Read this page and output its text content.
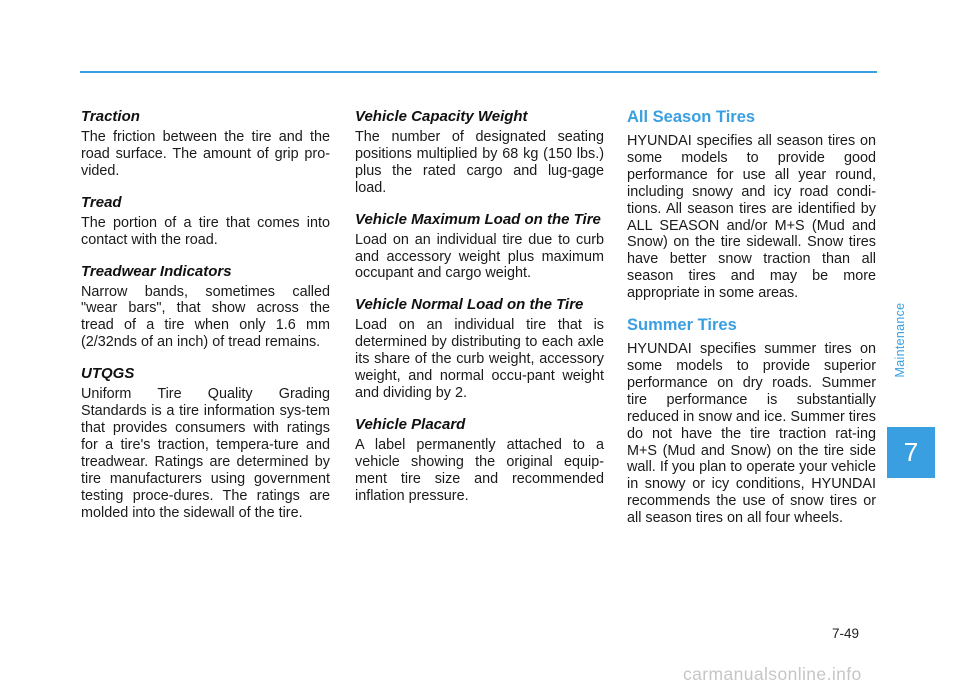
Traction

The friction between the tire and the road surface. The amount of grip pro-vided.

Tread

The portion of a tire that comes into contact with the road.

Treadwear Indicators

Narrow bands, sometimes called "wear bars", that show across the tread of a tire when only 1.6 mm (2/32nds of an inch) of tread remains.

UTQGS

Uniform Tire Quality Grading Standards is a tire information sys-tem that provides consumers with ratings for a tire's traction, tempera-ture and treadwear. Ratings are determined by tire manufacturers using government testing proce-dures. The ratings are molded into the sidewall of the tire.

Vehicle Capacity Weight

The number of designated seating positions multiplied by 68 kg (150 lbs.) plus the rated cargo and lug-gage load.

Vehicle Maximum Load on the Tire

Load on an individual tire due to curb and accessory weight plus maximum occupant and cargo weight.

Vehicle Normal Load on the Tire

Load on an individual tire that is determined by distributing to each axle its share of the curb weight, accessory weight, and normal occu-pant weight and dividing by 2.

Vehicle Placard

A label permanently attached to a vehicle showing the original equip-ment tire size and recommended inflation pressure.

All Season Tires

HYUNDAI specifies all season tires on some models to provide good performance for use all year round, including snowy and icy road condi-tions. All season tires are identified by ALL SEASON and/or M+S (Mud and Snow) on the tire sidewall. Snow tires have better snow traction than all season tires and may be more appropriate in some areas.

Summer Tires

HYUNDAI specifies summer tires on some models to provide superior performance on dry roads. Summer tire performance is substantially reduced in snow and ice. Summer tires do not have the tire traction rat-ing M+S (Mud and Snow) on the tire side wall. If you plan to operate your vehicle in snowy or icy conditions, HYUNDAI recommends the use of snow tires or all season tires on all four wheels.

Maintenance
7
7-49
carmanualsonline.info
